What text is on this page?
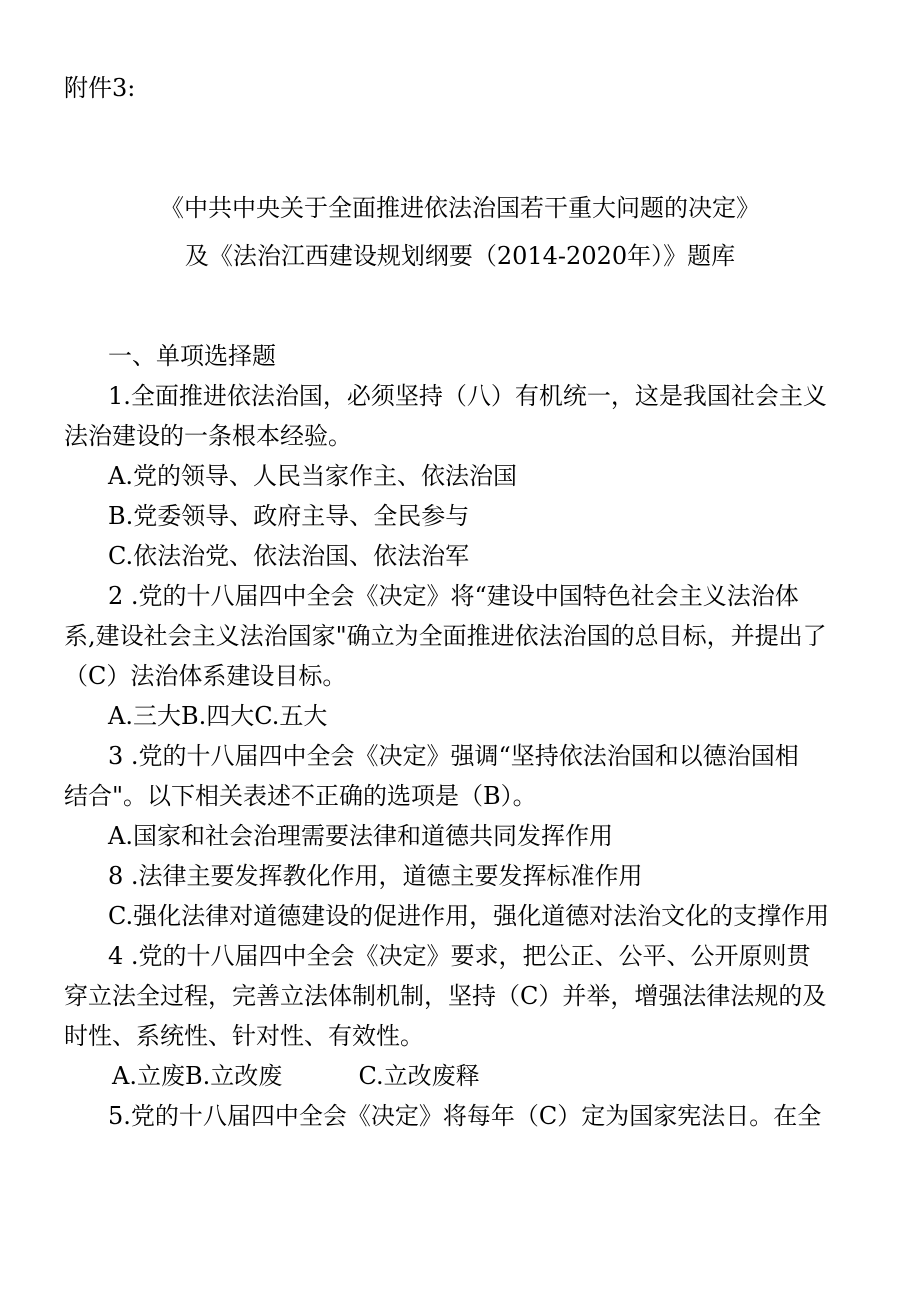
附件3:
《中共中央关于全面推进依法治国若干重大问题的决定》
及《法治江西建设规划纲要（2014-2020年）》题库
一、单项选择题
1.全面推进依法治国，必须坚持（八）有机统一，这是我国社会主义
法治建设的一条根本经验。
A.党的领导、人民当家作主、依法治国
B.党委领导、政府主导、全民参与
C.依法治党、依法治国、依法治军
2 .党的十八届四中全会《决定》将“建设中国特色社会主义法治体
系,建设社会主义法治国家"确立为全面推进依法治国的总目标，并提出了
（C）法治体系建设目标。
A.三大B.四大C.五大
3 .党的十八届四中全会《决定》强调“坚持依法治国和以德治国相
结合"。以下相关表述不正确的选项是（B）。
A.国家和社会治理需要法律和道德共同发挥作用
8 .法律主要发挥教化作用，道德主要发挥标准作用
C.强化法律对道德建设的促进作用，强化道德对法治文化的支撑作用
4 .党的十八届四中全会《决定》要求，把公正、公平、公开原则贯
穿立法全过程，完善立法体制机制，坚持（C）并举，增强法律法规的及
时性、系统性、针对性、有效性。
A.立废B.立改废          C.立改废释
5.党的十八届四中全会《决定》将每年（C）定为国家宪法日。在全
